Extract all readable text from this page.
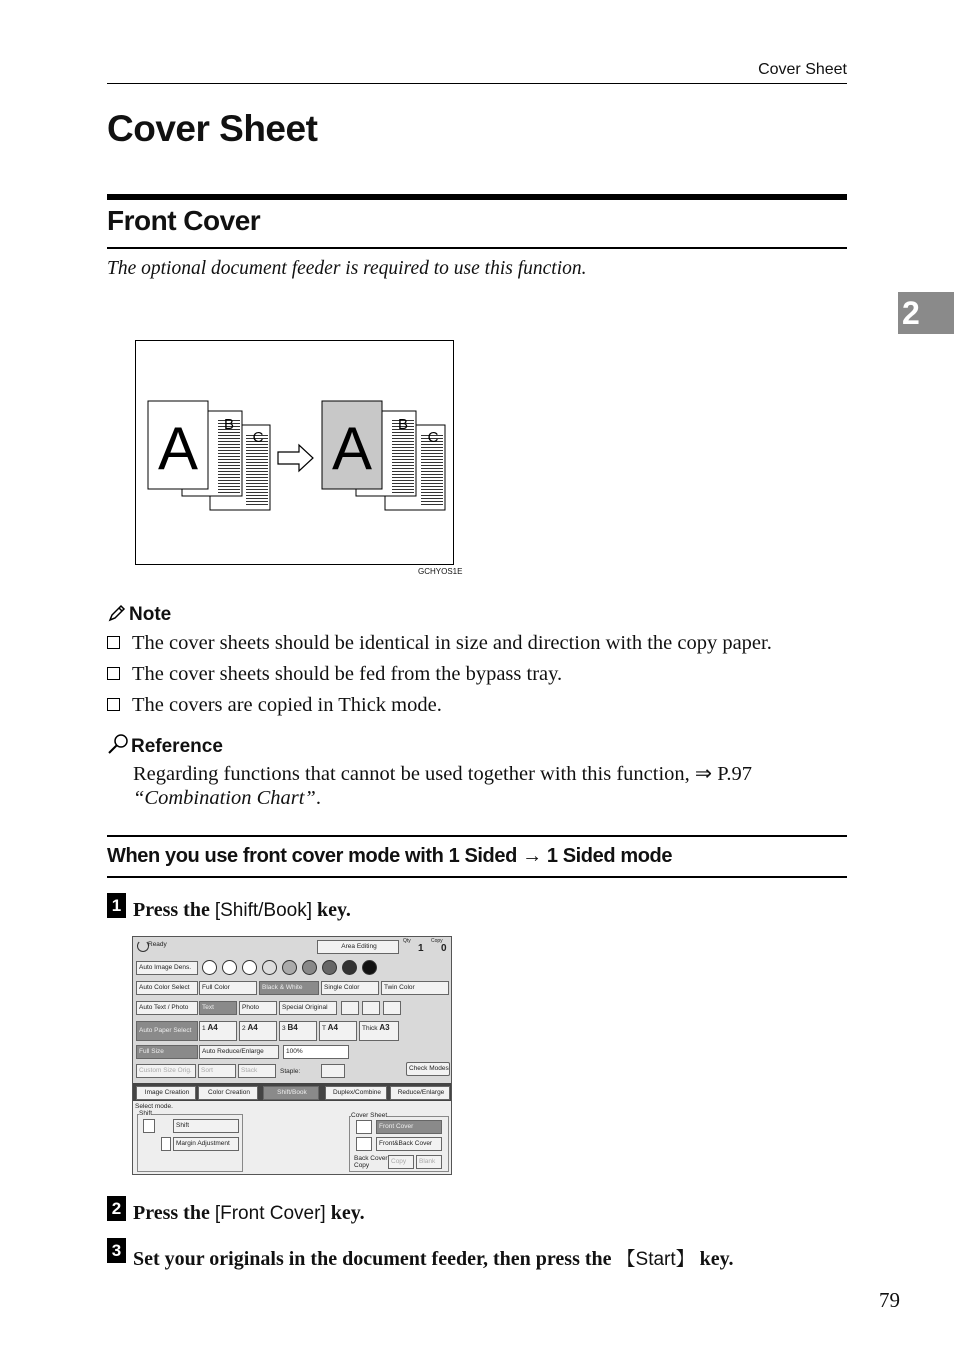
Cover Sheet
Cover Sheet
Front Cover
The optional document feeder is required to use this function.
2
A B
C A B
C
GCHYOS1E
Note
The cover sheets should be identical in size and direction with the copy paper.
The cover sheets should be fed from the bypass tray.
The covers are copied in Thick mode.
Reference
Regarding functions that cannot be used together with this function, ⇒ P.97
“Combination Chart”.
When you use front cover mode with 1 Sided → 1 Sided mode
1 Press the [Shift/Book] key.
Ready	Area Editing
Qty
1
Copy
0
Auto Image Dens.
Auto Color Select	Full Color	Black & White	Single Color	Twin Color
Auto Text / Photo	Text	Photo	Special Original
Auto Paper Select	1 A4	2 A4	3 B4	T A4	Thick A3
Full Size	Auto Reduce/Enlarge	100%
Custom Size Orig.	Sort	Stack	Staple:	Check Modes
Image Creation	Color Creation	Shift/Book	Duplex/Combine	Reduce/Enlarge
Select mode.
Shift
Shift
Margin Adjustment
Cover Sheet
Front Cover
Front&Back Cover
Back Cover
Copy
Copy	Blank
2 Press the [Front Cover] key.
3 Set your originals in the document feeder, then press the 【Start】 key.
79
